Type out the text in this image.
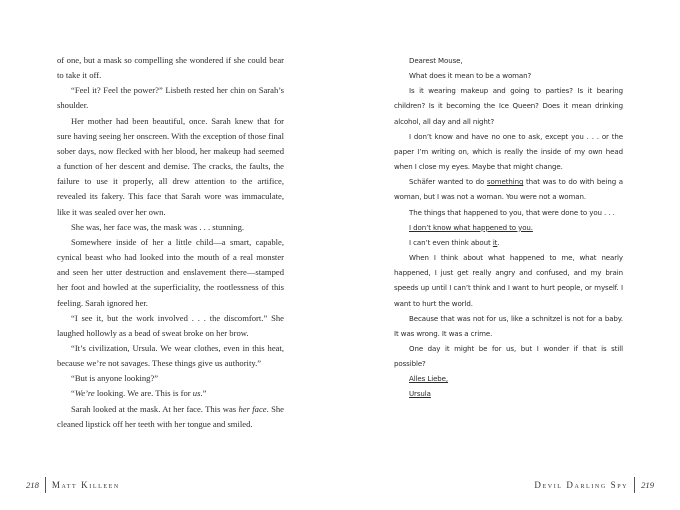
of one, but a mask so compelling she wondered if she could bear to take it off.

“Feel it? Feel the power?” Lisbeth rested her chin on Sarah’s shoulder.

Her mother had been beautiful, once. Sarah knew that for sure having seeing her onscreen. With the exception of those final sober days, now flecked with her blood, her makeup had seemed a function of her descent and demise. The cracks, the faults, the failure to use it properly, all drew attention to the artifice, revealed its fakery. This face that Sarah wore was immaculate, like it was sealed over her own.

She was, her face was, the mask was . . . stunning.

Somewhere inside of her a little child—a smart, capable, cynical beast who had looked into the mouth of a real monster and seen her utter destruction and enslavement there—stamped her foot and howled at the superficiality, the rootlessness of this feeling. Sarah ignored her.

“I see it, but the work involved . . . the discomfort.” She laughed hollowly as a bead of sweat broke on her brow.

“It’s civilization, Ursula. We wear clothes, even in this heat, because we’re not savages. These things give us authority.”

“But is anyone looking?”

“We’re looking. We are. This is for us.”

Sarah looked at the mask. At her face. This was her face. She cleaned lipstick off her teeth with her tongue and smiled.

218 Matt Killeen

Dearest Mouse,

What does it mean to be a woman?

Is it wearing makeup and going to parties? Is it bearing children? Is it becoming the Ice Queen? Does it mean drinking alcohol, all day and all night?

I don’t know and have no one to ask, except you . . . or the paper I’m writing on, which is really the inside of my own head when I close my eyes. Maybe that might change.

Schäfer wanted to do something that was to do with being a woman, but I was not a woman. You were not a woman.

The things that happened to you, that were done to you . . .

I don’t know what happened to you.

I can’t even think about it.

When I think about what happened to me, what nearly happened, I just get really angry and confused, and my brain speeds up until I can’t think and I want to hurt people, or myself. I want to hurt the world.

Because that was not for us, like a schnitzel is not for a baby. It was wrong. It was a crime.

One day it might be for us, but I wonder if that is still possible?

Alles Liebe,

Ursula

Devil Darling Spy 219
